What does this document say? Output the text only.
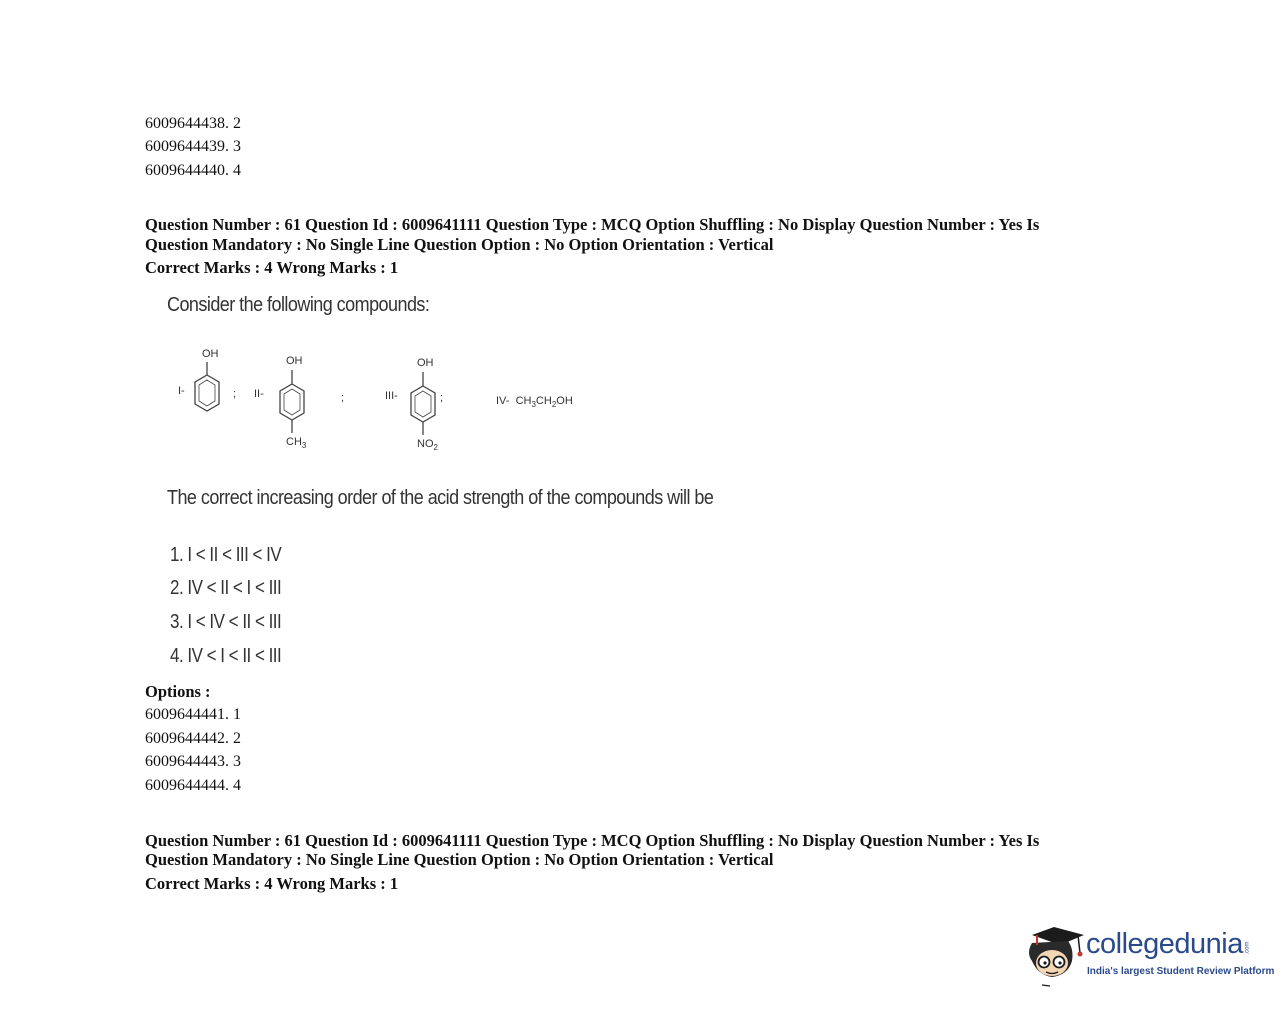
6009644438. 2
6009644439. 3
6009644440. 4
Question Number : 61 Question Id : 6009641111 Question Type : MCQ Option Shuffling : No Display Question Number : Yes Is
Question Mandatory : No Single Line Question Option : No Option Orientation : Vertical
Correct Marks : 4 Wrong Marks : 1
Consider the following compounds:
OH
I-	; II-
OH
$CH_3$
;	III-
OH
;
$NO_2$
IV- $CH_3CH_2OH$
The correct increasing order of the acid strength of the compounds will be
1. I < II < III < IV
2. IV < II < I < III
3. I < IV < II < III
4. IV < I < II < III
Options :
6009644441. 1
6009644442. 2
6009644443. 3
6009644444. 4
Question Number : 61 Question Id : 6009641111 Question Type : MCQ Option Shuffling : No Display Question Number : Yes Is
Question Mandatory : No Single Line Question Option : No Option Orientation : Vertical
Correct Marks : 4 Wrong Marks : 1
collegedunia .com
India's largest Student Review Platform
